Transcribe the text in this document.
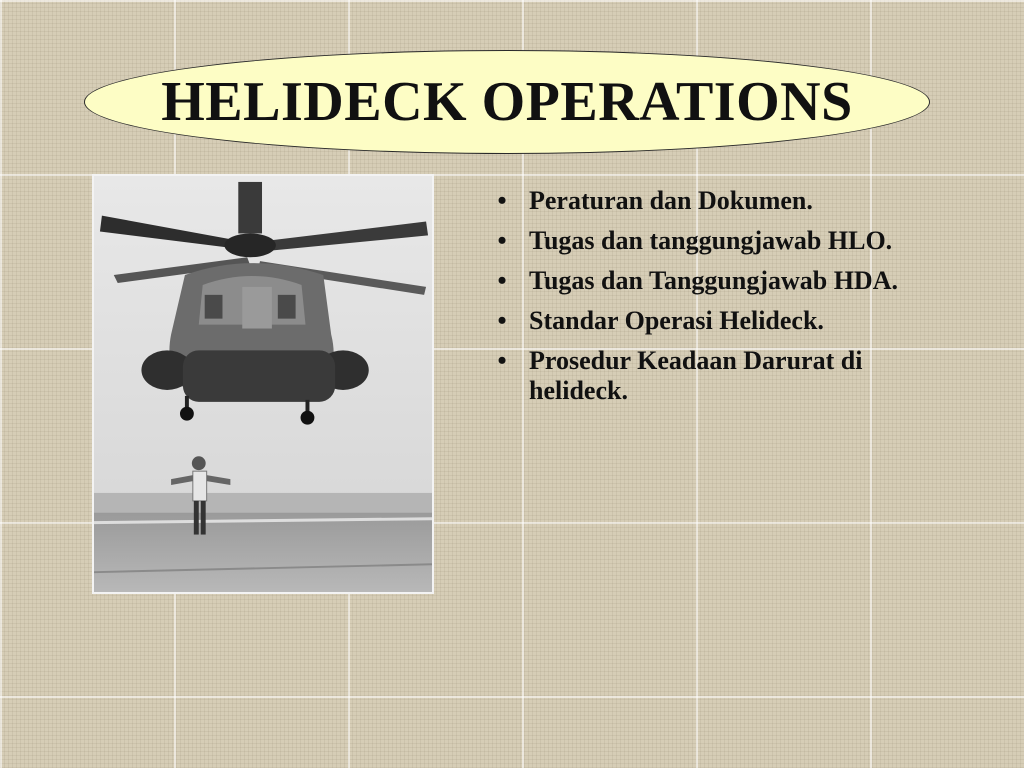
HELIDECK OPERATIONS
• Peraturan dan Dokumen.
• Tugas dan tanggungjawab HLO.
• Tugas dan Tanggungjawab HDA.
• Standar Operasi Helideck.
• Prosedur Keadaan Darurat di helideck.
